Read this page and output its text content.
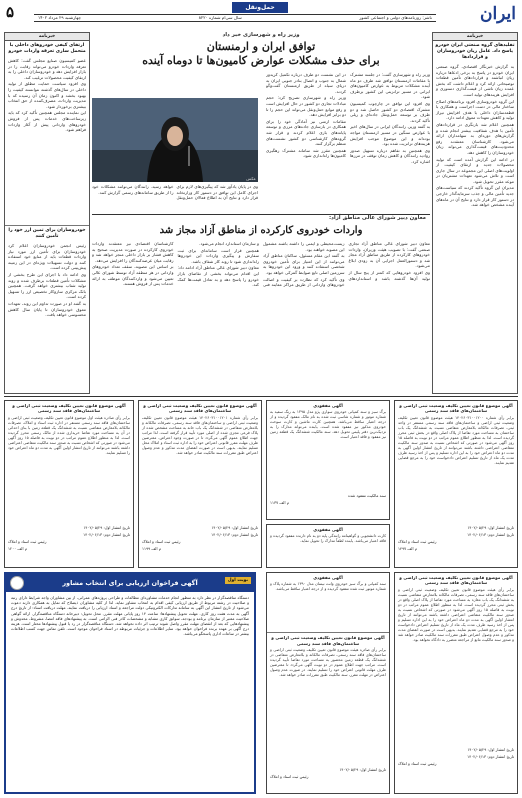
ایران
۵	حمل‌ونقل
ناشر: روزنامه‌های دولتی و اجتماعی کشور
سال سی‌ام شماره ۸۲۲۰
چهارشنبه ۲۹ مرداد ۱۴۰۲
خبرنامه
تقلیدهای گروه صنعتی ایران خودرو پاسخ داد. عامل زیان خودروسازان و قرارداد‌ها

به گزارش خبرنگار اقتصادی، گروه صنعتی ایران خودرو در پاسخ به برخی ادعاها درباره زیان انباشته و قراردادهای تأمین قطعات توضیحاتی ارائه کرد و اعلام داشت که بخش عمده زیان ناشی از قیمت‌گذاری دستوری و افزایش هزینه‌های تولید است.

این گروه خودروسازی افزود برنامه‌های اصلاح ساختار مالی در دست اجراست و همکاری با قطعه‌سازان داخلی با هدف افزایش تیراژ تولید و کاهش تعهدات معوق ادامه دارد.

همچنین اعلام شد بازنگری در قراردادهای تأمین با هدف شفافیت بیشتر انجام شده و گزارش‌های دوره‌ای به سهامداران ارائه می‌شود. کارشناسان معتقدند رفع محدودیت‌های قیمت‌گذاری می‌تواند زیان خودروسازان را کاهش دهد.

در ادامه این گزارش آمده است که تولید محصولات جدید و ارتقای کیفیت از اولویت‌های اصلی این مجموعه در سال جاری است و تلاش می‌شود تعهدات مشتریان در موعد مقرر تحویل شود.

مدیران این گروه تأکید کردند که سیاست‌های جدید تأمین مالی و جذب سرمایه‌گذار خارجی در دستور کار قرار دارد و نتایج آن در ماه‌های آینده مشخص خواهد شد.

خبرنامه
ارتقای کیفی خودروهای داخلی با متحمل سازی تعرفه واردات خودرو

عضو کمیسیون صنایع مجلس گفت: کاهش تعرفه واردات خودرو می‌تواند رقابت را در بازار افزایش دهد و خودروسازان داخلی را به ارتقای کیفیت محصولات ترغیب کند.

وی افزود سیاست حمایت مطلق از تولید داخلی در سال‌های گذشته نتوانسته کیفیت را بهبود بخشد و اکنون زمان آن رسیده که با مدیریت واردات، مصرف‌کننده از حق انتخاب بیشتری برخوردار شود.

این نماینده مجلس همچنین تأکید کرد که باید زیرساخت‌های خدمات پس از فروش خودروهای وارداتی پیش از آغاز واردات فراهم شود.

خودروسازان برای تمین ارز خود را تأمین کنند

رئیس انجمن خودروسازان اعلام کرد خودروسازان برای تأمین ارز مورد نیاز واردات قطعات باید از منابع خود استفاده کنند و دولت تسهیلات ویژه‌ای در این زمینه پیش‌بینی کرده است.

وی ادامه داد با اجرای این طرح بخشی از مشکلات تأمین قطعات برطرف شده و روند تولید شتاب بیشتری خواهد گرفت. همچنین بانک مرکزی سازوکار تخصیص ارز را تسهیل کرده است.

به گفته او در صورت تداوم این روند، تعهدات معوق خودروسازان تا پایان سال کاهش محسوسی خواهد یافت.

وزیر راه و شهرسازی خبر داد
توافق ایران و ارمنستان
برای حذف مشکلات عوارض کامیون‌ها تا دوماه آینده

وزیر راه و شهرسازی گفت: در جلسه مشترک با مقامات ارمنستان توافق شد ظرف دو ماه آینده مشکلات مربوط به عوارض کامیون‌های ایرانی در مسیر ترانزیتی این کشور برطرف شود.

وی افزود این توافق در چارچوب کمیسیون مشترک اقتصادی دو کشور حاصل شد و دو طرف بر توسعه حمل‌ونقل جاده‌ای و ریلی تأکید کردند.

به گفته وزیر، رانندگان ایرانی در سال‌های اخیر با عوارض سنگین در مسیر ارمنستان مواجه بوده‌اند و این موضوع موجب افزایش هزینه‌های ترانزیت شده بود.

وی همچنین به تفاهم درباره تسهیل صدور روادید رانندگان و کاهش زمان توقف در مرزها اشاره کرد.

در این نشست دو طرف درباره تکمیل کریدور شمال به جنوب و اتصال بنادر جنوبی ایران به دریای سیاه از طریق ارمنستان گفت‌وگو کردند.

وزیر راه و شهرسازی تصریح کرد: حجم مبادلات تجاری دو کشور در حال افزایش است و رفع موانع حمل‌ونقل می‌تواند این حجم را تا دو برابر افزایش دهد.

مقامات ارمنی نیز آمادگی خود را برای همکاری در بازسازی جاده‌های مرزی و توسعه پایانه‌های باری اعلام کردند و قرار شد گروه‌های کارشناسی دو کشور نشست‌های منظم برگزار کنند.

همچنین مقرر شد سامانه مشترک رهگیری کامیون‌ها راه‌اندازی شود.

عکس

وی در پایان یادآور شد که پیگیری‌های لازم برای اجرای کامل این توافق در دستور کار وزارتخانه قرار دارد و نتایج آن به اطلاع فعالان حمل‌ونقل خواهد رسید. رانندگان می‌توانند مشکلات خود را از طریق سامانه‌های رسمی گزارش کنند.

معاون دبیر شورای عالی مناطق آزاد:
واردات خودروی کارکرده از مناطق آزاد مجاز شد

معاون دبیر شورای عالی مناطق آزاد تجاری صنعتی گفت: با تصویب هیئت وزیران، واردات خودروهای کارکرده از طریق مناطق آزاد مجاز شد و دستورالعمل اجرایی آن به زودی ابلاغ می‌شود.

وی افزود خودروهایی که کمتر از پنج سال از تولید آن‌ها گذشته باشد و استانداردهای زیست‌محیطی و ایمنی را داشته باشند مشمول این مصوبه خواهند بود.

به گفته این مقام مسئول، ساکنان مناطق آزاد می‌توانند از این امتیاز برای تأمین خودروی شخصی استفاده کنند و ورود این خودروها به سرزمین اصلی تابع ضوابط گمرکی خواهد بود.

وی تأکید کرد که نظارت بر کیفیت و اصالت خودروهای وارداتی از طریق مراکز معاینه فنی و سازمان استاندارد انجام می‌شود.

همچنین قرار است سامانه‌ای برای ثبت سفارش و پیگیری واردات این خودروها راه‌اندازی شود تا روند کار شفاف باشد.

معاون دبیر شورای عالی مناطق آزاد ادامه داد: این اقدام می‌تواند بخشی از تقاضای بازار خودرو را پاسخ دهد و به تعادل قیمت‌ها کمک کند.

کارشناسان اقتصادی نیز معتقدند واردات خودروی کارکرده در صورت مدیریت صحیح به کاهش فشار بر بازار داخلی منجر خواهد شد و رقابت میان عرضه‌کنندگان را افزایش می‌دهد.

بر اساس این مصوبه، سقف تعداد خودروهای وارداتی در هر منطقه آزاد توسط شورای عالی تعیین می‌شود و واردکنندگان موظف به ارائه خدمات پس از فروش هستند.

آگهی موضوع قانون تعیین تکلیف وضعیت ثبتی اراضی و ساختمان‌های فاقد سند رسمی
برابر رأی شماره ۱۴۰۲۶۰۳۱۰۰۱۲۰۰ هیئت موضوع قانون تعیین تکلیف وضعیت ثبتی اراضی و ساختمان‌های فاقد سند رسمی مستقر در واحد ثبتی، تصرفات مالکانه بلامعارض متقاضی نسبت به ششدانگ یک باب ساختمان به مساحت مورد تقاضا از پلاک اصلی واقع در بخش ثبتی محرز گردیده است. لذا به منظور اطلاع عموم مراتب در دو نوبت به فاصله ۱۵ روز آگهی می‌شود در صورتی که اشخاص نسبت به صدور سند مالکیت متقاضی اعتراضی داشته باشند می‌توانند از تاریخ انتشار اولین آگهی به مدت دو ماه اعتراض خود را به این اداره تسلیم و پس از اخذ رسید ظرف مدت یک ماه از تاریخ تسلیم اعتراض دادخواست خود را به مرجع قضایی تقدیم نمایند.
تاریخ انتشار اول: ۱۴۰۲/۰۵/۲۹
تاریخ انتشار دوم: ۱۴۰۲/۰۶/۱۳
رئیس ثبت اسناد و املاک
م الف ۱۴۹۷
آگهی مفقودی
برگ سبز و سند کمپانی خودروی سواری پژو مدل ۱۳۹۵ به رنگ سفید به شماره موتور و شماره شاسی ثبت شده به نام مالک مفقود گردیده و از درجه اعتبار ساقط می‌باشد. همچنین کارت ماشین و کارت سوخت خودروی مذکور نیز مفقود شده است. یابنده می‌تواند مدارک را به نزدیک‌ترین دفتر پلیس تحویل دهد. سند مالکیت ششدانگ یک قطعه زمین نیز مفقود و فاقد اعتبار است.
سند مالکیت مفقود شده
م الف ۱۱۳۷
آگهی مفقودی
کارت دانشجویی و گواهینامه رانندگی پایه دو به نام دارنده مفقود گردیده و فاقد اعتبار می‌باشد. یابنده لطفاً مدارک را تحویل نماید.
آگهی موضوع قانون تعیین تکلیف وضعیت ثبتی اراضی و ساختمان‌های فاقد سند رسمی
برابر رأی شماره ۱۴۰۲۶۰۳۱۰۰۱۲۰۱ هیئت موضوع قانون تعیین تکلیف وضعیت ثبتی اراضی و ساختمان‌های فاقد سند رسمی، تصرفات مالکانه و بلامعارض متقاضی در ششدانگ یک باب خانه به مساحت مشخص شده از پلاک فرعی مجزی شده از اصلی مورد تأیید قرار گرفته است. لذا مراتب جهت اطلاع عموم آگهی می‌گردد تا در صورت وجود اعتراض، معترضین ظرف مهلت مقرر قانونی اعتراض خود را به اداره ثبت اسناد و املاک محل تسلیم نمایند. بدیهی است در صورت انقضای مدت مذکور و عدم وصول اعتراض طبق مقررات سند مالکیت صادر خواهد شد.
تاریخ انتشار اول: ۱۴۰۲/۰۵/۲۹
تاریخ انتشار دوم: ۱۴۰۲/۰۶/۱۳
رئیس ثبت اسناد و املاک
م الف ۱۱۹۹
آگهی موضوع قانون تعیین تکلیف وضعیت ثبتی اراضی و ساختمان‌های فاقد سند رسمی
برابر رأی صادره هیئت اول موضوع قانون تعیین تکلیف وضعیت ثبتی اراضی و ساختمان‌های فاقد سند رسمی مستقر در اداره ثبت اسناد و املاک، تصرفات مالکانه بلامعارض متقاضی نسبت به ششدانگ یک قطعه زمین با بنای احداثی در آن به مساحت مورد تقاضا خریداری شده از مالک رسمی محرز گردیده است. لذا به منظور اطلاع عموم مراتب در دو نوبت به فاصله ۱۵ روز آگهی می‌شود در صورتی که اشخاص نسبت به صدور سند مالکیت متقاضی اعتراضی داشته باشند می‌توانند از تاریخ انتشار اولین آگهی به مدت دو ماه اعتراض خود را تسلیم نمایند.
تاریخ انتشار اول: ۱۴۰۲/۰۵/۲۹
تاریخ انتشار دوم: ۱۴۰۲/۰۶/۱۳
رئیس ثبت اسناد و املاک
م الف ۱۲۰۰
آگهی موضوع قانون تعیین تکلیف وضعیت ثبتی اراضی و ساختمان‌های فاقد سند رسمی
برابر رأی هیئت موضوع قانون تعیین تکلیف وضعیت ثبتی اراضی و ساختمان‌های فاقد سند رسمی، تصرفات مالکانه بلامعارض متقاضی نسبت به ششدانگ یک باب مغازه به مساحت مورد تقاضا از پلاک اصلی واقع در بخش ثبتی محرز گردیده است. لذا به منظور اطلاع عموم مراتب در دو نوبت به فاصله ۱۵ روز آگهی می‌شود در صورتی که اشخاص نسبت به صدور سند مالکیت متقاضی اعتراضی داشته باشند می‌توانند از تاریخ انتشار اولین آگهی به مدت دو ماه اعتراض خود را به این اداره تسلیم و پس از اخذ رسید ظرف مدت یک ماه از تاریخ تسلیم اعتراض دادخواست خود را به مرجع قضایی تقدیم نمایند. بدیهی است در صورت انقضای مدت مذکور و عدم وصول اعتراض طبق مقررات سند مالکیت صادر خواهد شد و صدور سند مالکیت مانع از مراجعه متضرر به دادگاه نخواهد بود.
تاریخ انتشار اول: ۱۴۰۲/۰۵/۲۹
تاریخ انتشار دوم: ۱۴۰۲/۰۶/۱۳
رئیس ثبت اسناد و املاک
آگهی مفقودی
سند کمپانی و برگ سبز خودروی وانت نیسان مدل ۱۳۹۰ به شماره پلاک و شماره موتور ثبت شده مفقود گردیده و از درجه اعتبار ساقط می‌باشد.
آگهی موضوع قانون تعیین تکلیف وضعیت ثبتی اراضی و ساختمان‌های فاقد سند رسمی
برابر رأی صادره هیئت موضوع قانون تعیین تکلیف وضعیت ثبتی اراضی و ساختمان‌های فاقد سند رسمی، تصرفات مالکانه و بلامعارض متقاضی در ششدانگ یک قطعه زمین محصور به مساحت مورد تقاضا تأیید گردیده است. مراتب جهت اطلاع عموم در دو نوبت آگهی می‌گردد تا معترضین ظرف مهلت قانونی اعتراض خود را تسلیم نمایند. در صورت عدم وصول اعتراض در مهلت مقرر، سند مالکیت طبق مقررات صادر خواهد شد.
تاریخ انتشار اول: ۱۴۰۲/۰۵/۲۹
رئیس ثبت اسناد و املاک
آگهی فراخوان ارزیابی برای انتخاب مشاور	نوبت اول
دستگاه مناقصه‌گزار در نظر دارد به منظور انجام خدمات مشاوره‌ای مطالعات و طراحی پروژه‌های عمرانی، از بین مشاوران واجد شرایط دارای رتبه و صلاحیت در رشته مربوط از طریق ارزیابی کیفی اقدام به انتخاب مشاور نماید. لذا از کلیه مشاوران ذیصلاح که تمایل به همکاری دارند دعوت می‌شود از تاریخ انتشار این آگهی به سامانه تدارکات الکترونیکی دولت مراجعه و اسناد ارزیابی را دریافت نمایند. مهلت دریافت اسناد: از تاریخ درج آگهی به مدت هفت روز کاری. مهلت تحویل پیشنهادها: ساعت ۱۴ روز پایانی مهلت مقرر. محل تحویل: دبیرخانه دستگاه مناقصه‌گزار. ارائه گواهی صلاحیت معتبر از سازمان برنامه و بودجه، سوابق کاری مشابه و مشخصات کادر فنی الزامی است. به پیشنهادهای فاقد امضا، مشروط، مخدوش و پیشنهادهایی که بعد از انقضای مهلت مقرر واصل شوند ترتیب اثر داده نخواهد شد. دستگاه مناقصه‌گزار در رد یا قبول پیشنهادها مختار است. هزینه درج آگهی بر عهده برنده فراخوان خواهد بود. سایر اطلاعات و جزئیات مربوطه در اسناد فراخوان موجود است. تلفن تماس جهت کسب اطلاعات بیشتر در ساعات اداری پاسخگو می‌باشد.
